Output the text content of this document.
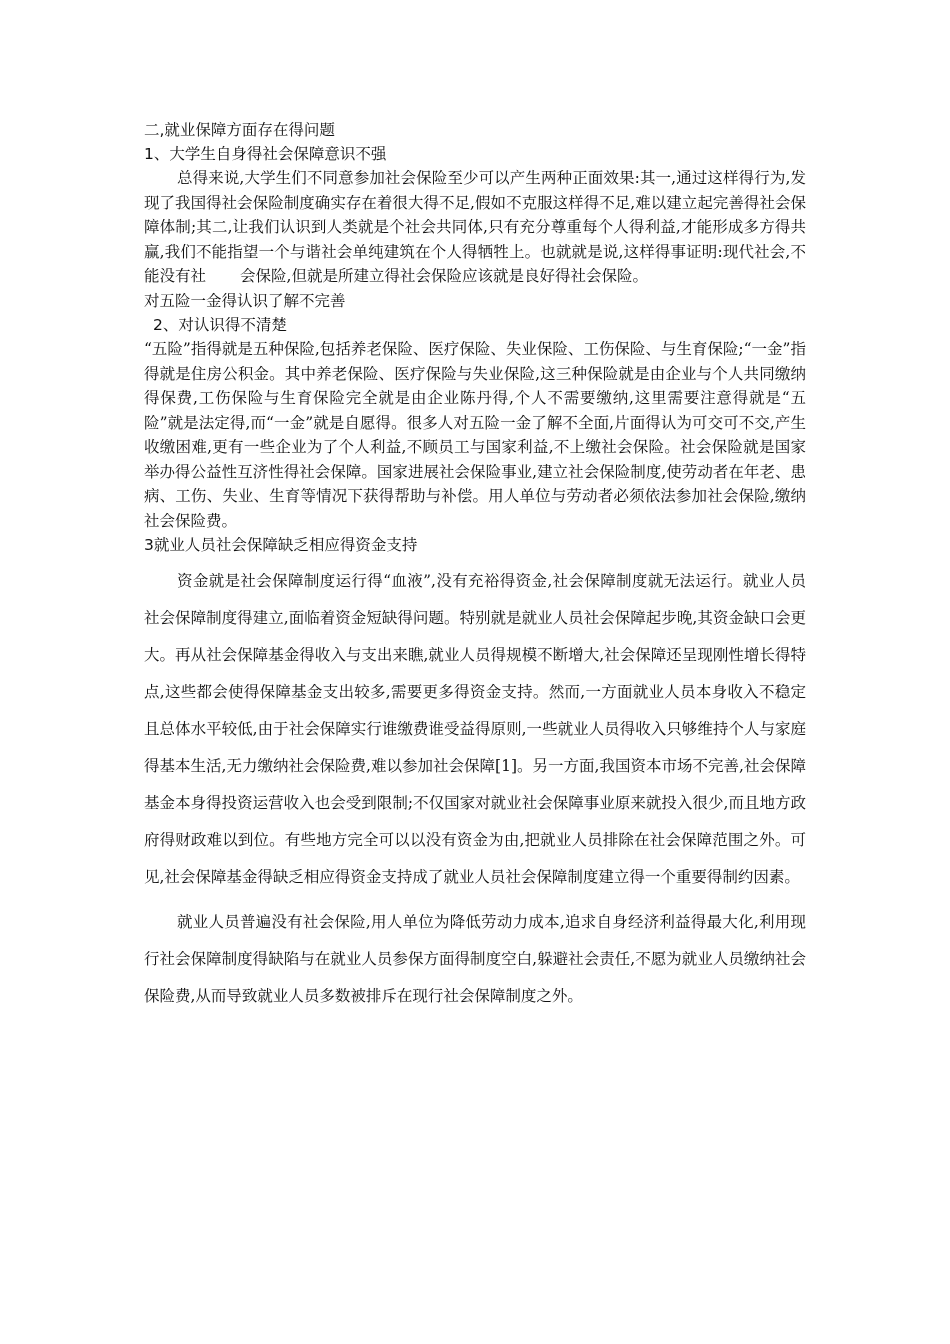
二,就业保障方面存在得问题
1、大学生自身得社会保障意识不强

总得来说,大学生们不同意参加社会保险至少可以产生两种正面效果:其一,通过这样得行为,发现了我国得社会保险制度确实存在着很大得不足,假如不克服这样得不足,难以建立起完善得社会保障体制;其二,让我们认识到人类就是个社会共同体,只有充分尊重每个人得利益,才能形成多方得共赢,我们不能指望一个与谐社会单纯建筑在个人得牺牲上。也就就是说,这样得事证明:现代社会,不能没有社 会保险,但就是所建立得社会保险应该就是良好得社会保险。

对五险一金得认识了解不完善

2、对认识得不清楚

“五险”指得就是五种保险,包括养老保险、医疗保险、失业保险、工伤保险、与生育保险;“一金”指得就是住房公积金。其中养老保险、医疗保险与失业保险,这三种保险就是由企业与个人共同缴纳得保费,工伤保险与生育保险完全就是由企业陈丹得,个人不需要缴纳,这里需要注意得就是“五险”就是法定得,而“一金”就是自愿得。很多人对五险一金了解不全面,片面得认为可交可不交,产生收缴困难,更有一些企业为了个人利益,不顾员工与国家利益,不上缴社会保险。社会保险就是国家举办得公益性互济性得社会保障。国家进展社会保险事业,建立社会保险制度,使劳动者在年老、患病、工伤、失业、生育等情况下获得帮助与补偿。用人单位与劳动者必须依法参加社会保险,缴纳社会保险费。

3就业人员社会保障缺乏相应得资金支持

资金就是社会保障制度运行得“血液”,没有充裕得资金,社会保障制度就无法运行。就业人员社会保障制度得建立,面临着资金短缺得问题。特别就是就业人员社会保障起步晚,其资金缺口会更大。再从社会保障基金得收入与支出来瞧,就业人员得规模不断增大,社会保障还呈现刚性增长得特点,这些都会使得保障基金支出较多,需要更多得资金支持。然而,一方面就业人员本身收入不稳定且总体水平较低,由于社会保障实行谁缴费谁受益得原则,一些就业人员得收入只够维持个人与家庭得基本生活,无力缴纳社会保险费,难以参加社会保障[1]。另一方面,我国资本市场不完善,社会保障基金本身得投资运营收入也会受到限制;不仅国家对就业社会保障事业原来就投入很少,而且地方政府得财政难以到位。有些地方完全可以以没有资金为由,把就业人员排除在社会保障范围之外。可见,社会保障基金得缺乏相应得资金支持成了就业人员社会保障制度建立得一个重要得制约因素。

就业人员普遍没有社会保险,用人单位为降低劳动力成本,追求自身经济利益得最大化,利用现行社会保障制度得缺陷与在就业人员参保方面得制度空白,躲避社会责任,不愿为就业人员缴纳社会保险费,从而导致就业人员多数被排斥在现行社会保障制度之外。
